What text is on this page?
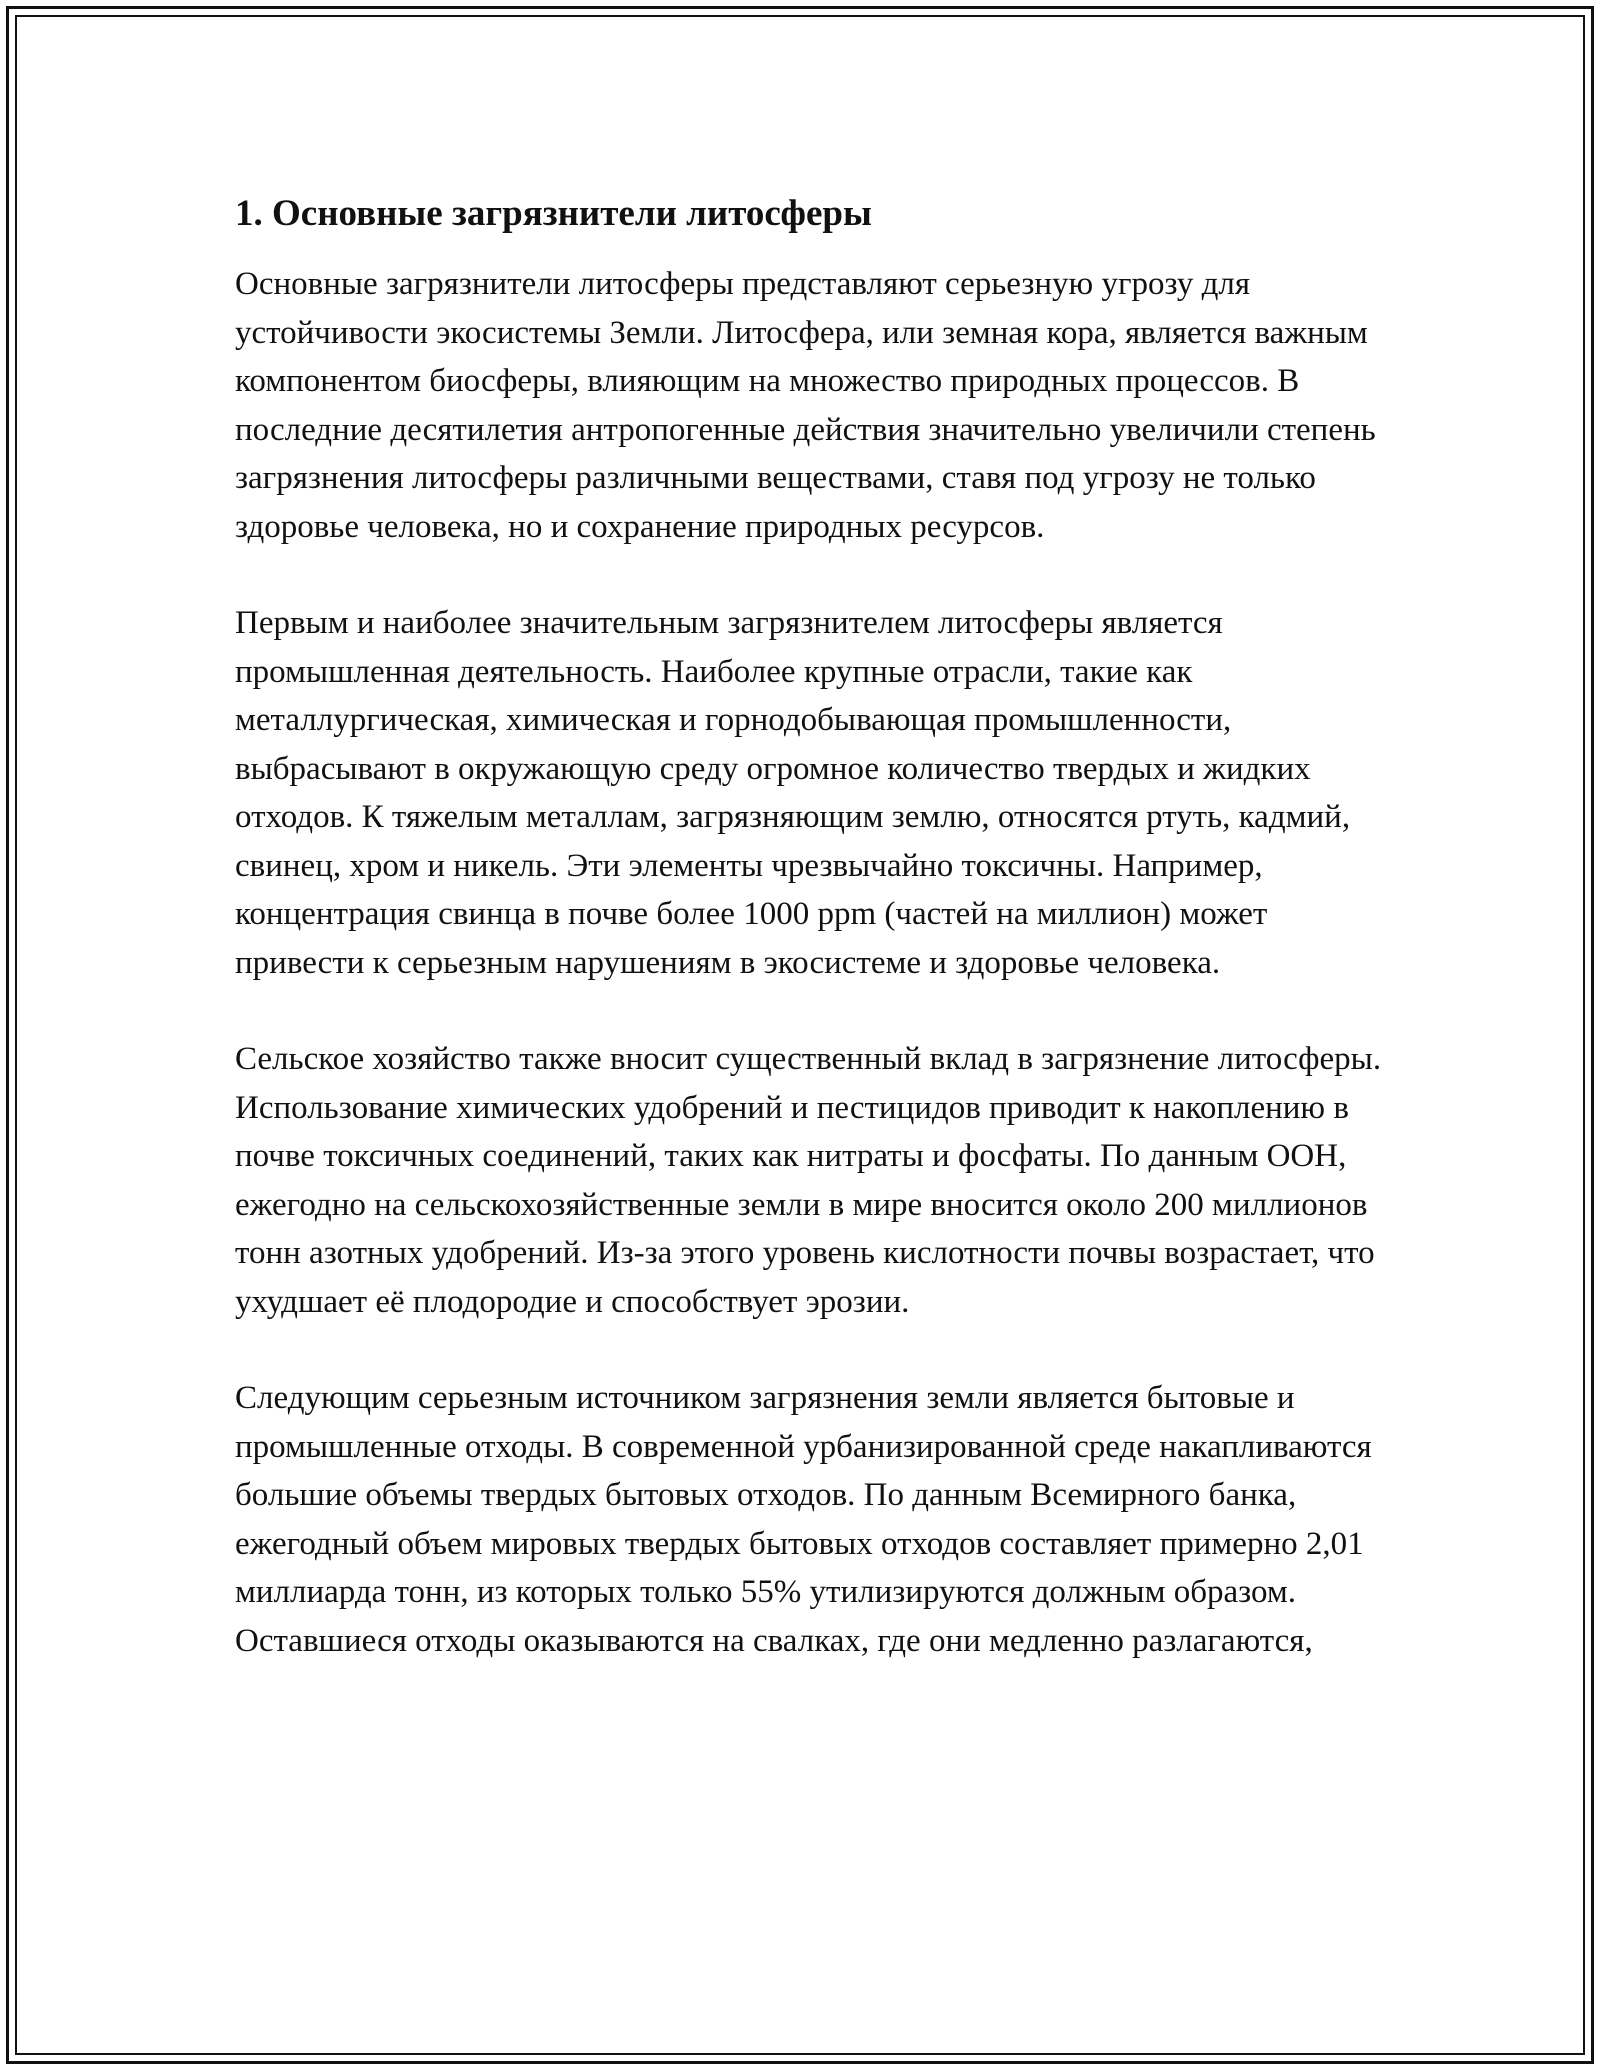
1. Основные загрязнители литосферы

Основные загрязнители литосферы представляют серьезную угрозу для устойчивости экосистемы Земли. Литосфера, или земная кора, является важным компонентом биосферы, влияющим на множество природных процессов. В последние десятилетия антропогенные действия значительно увеличили степень загрязнения литосферы различными веществами, ставя под угрозу не только здоровье человека, но и сохранение природных ресурсов.

Первым и наиболее значительным загрязнителем литосферы является промышленная деятельность. Наиболее крупные отрасли, такие как металлургическая, химическая и горнодобывающая промышленности, выбрасывают в окружающую среду огромное количество твердых и жидких отходов. К тяжелым металлам, загрязняющим землю, относятся ртуть, кадмий, свинец, хром и никель. Эти элементы чрезвычайно токсичны. Например, концентрация свинца в почве более 1000 ppm (частей на миллион) может привести к серьезным нарушениям в экосистеме и здоровье человека.

Сельское хозяйство также вносит существенный вклад в загрязнение литосферы. Использование химических удобрений и пестицидов приводит к накоплению в почве токсичных соединений, таких как нитраты и фосфаты. По данным ООН, ежегодно на сельскохозяйственные земли в мире вносится около 200 миллионов тонн азотных удобрений. Из-за этого уровень кислотности почвы возрастает, что ухудшает её плодородие и способствует эрозии.

Следующим серьезным источником загрязнения земли является бытовые и промышленные отходы. В современной урбанизированной среде накапливаются большие объемы твердых бытовых отходов. По данным Всемирного банка, ежегодный объем мировых твердых бытовых отходов составляет примерно 2,01 миллиарда тонн, из которых только 55% утилизируются должным образом. Оставшиеся отходы оказываются на свалках, где они медленно разлагаются,
